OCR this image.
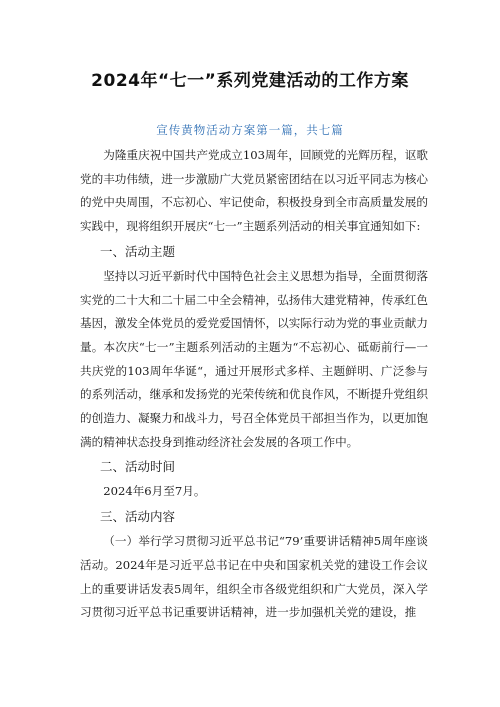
2024年“七一”系列党建活动的工作方案
宣传黄物活动方案第一篇，共七篇

为隆重庆祝中国共产党成立103周年，回顾党的光辉历程，讴歌党的丰功伟绩，进一步激励广大党员紧密团结在以习近平同志为核心的党中央周围，不忘初心、牢记使命，积极投身到全市高质量发展的实践中，现将组织开展庆“七一”主题系列活动的相关事宜通知如下:

一、活动主题

坚持以习近平新时代中国特色社会主义思想为指导，全面贯彻落实党的二十大和二十届二中全会精神，弘扬伟大建党精神，传承红色基因，激发全体党员的爱党爱国情怀，以实际行动为党的事业贡献力量。本次庆“七一”主题系列活动的主题为“不忘初心、砥砺前行—一共庆党的103周年华诞“，通过开展形式多样、主题鲜明、广泛参与的系列活动，继承和发扬党的光荣传统和优良作风，不断提升党组织的创造力、凝聚力和战斗力，号召全体党员干部担当作为，以更加饱满的精神状态投身到推动经济社会发展的各项工作中。

二、活动时间

2024年6月至7月。

三、活动内容

（一）举行学习贯彻习近平总书记“79’重要讲话精神5周年座谈活动。2024年是习近平总书记在中央和国家机关党的建设工作会议上的重要讲话发表5周年，组织全市各级党组织和广大党员，深入学习贯彻习近平总书记重要讲话精神，进一步加强机关党的建设，推
